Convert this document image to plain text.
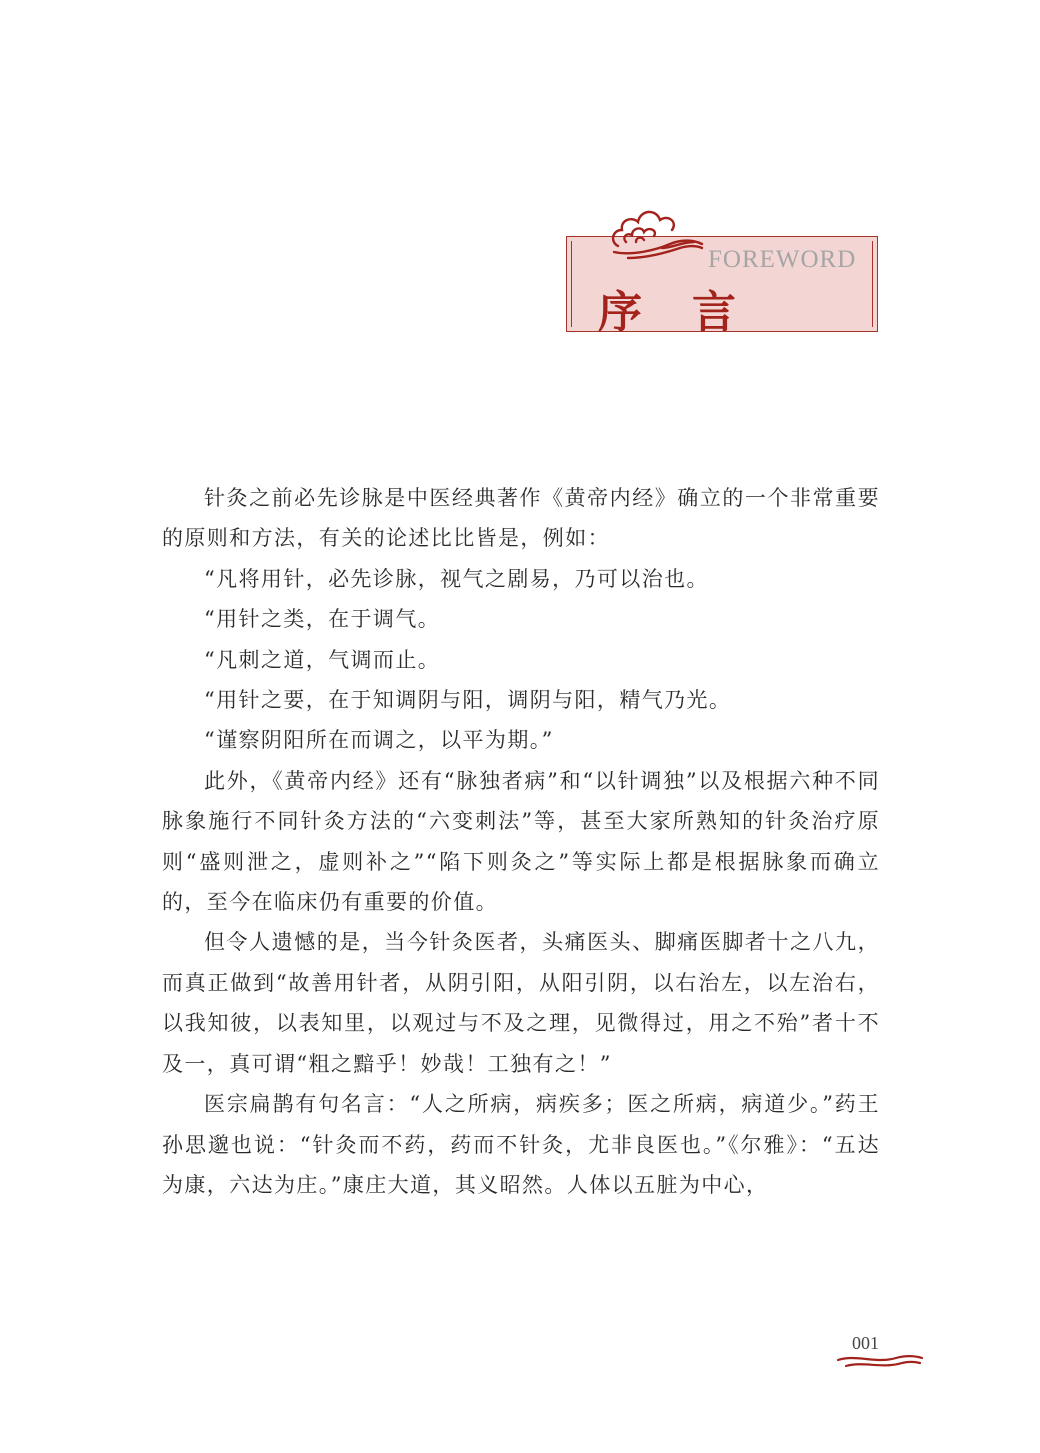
FOREWORD
序言

针灸之前必先诊脉是中医经典著作《黄帝内经》确立的一个非常重要的原则和方法，有关的论述比比皆是，例如：

“凡将用针，必先诊脉，视气之剧易，乃可以治也。

“用针之类，在于调气。

“凡刺之道，气调而止。

“用针之要，在于知调阴与阳，调阴与阳，精气乃光。

“谨察阴阳所在而调之，以平为期。”

此外，《黄帝内经》还有“脉独者病”和“以针调独”以及根据六种不同脉象施行不同针灸方法的“六变刺法”等，甚至大家所熟知的针灸治疗原则“盛则泄之，虚则补之”“陷下则灸之”等实际上都是根据脉象而确立的，至今在临床仍有重要的价值。

但令人遗憾的是，当今针灸医者，头痛医头、脚痛医脚者十之八九，而真正做到“故善用针者，从阴引阳，从阳引阴，以右治左，以左治右，以我知彼，以表知里，以观过与不及之理，见微得过，用之不殆”者十不及一，真可谓“粗之黯乎！妙哉！工独有之！”

医宗扁鹊有句名言：“人之所病，病疾多；医之所病，病道少。”药王孙思邈也说：“针灸而不药，药而不针灸，尤非良医也。”《尔雅》：“五达为康，六达为庄。”康庄大道，其义昭然。人体以五脏为中心，

001
